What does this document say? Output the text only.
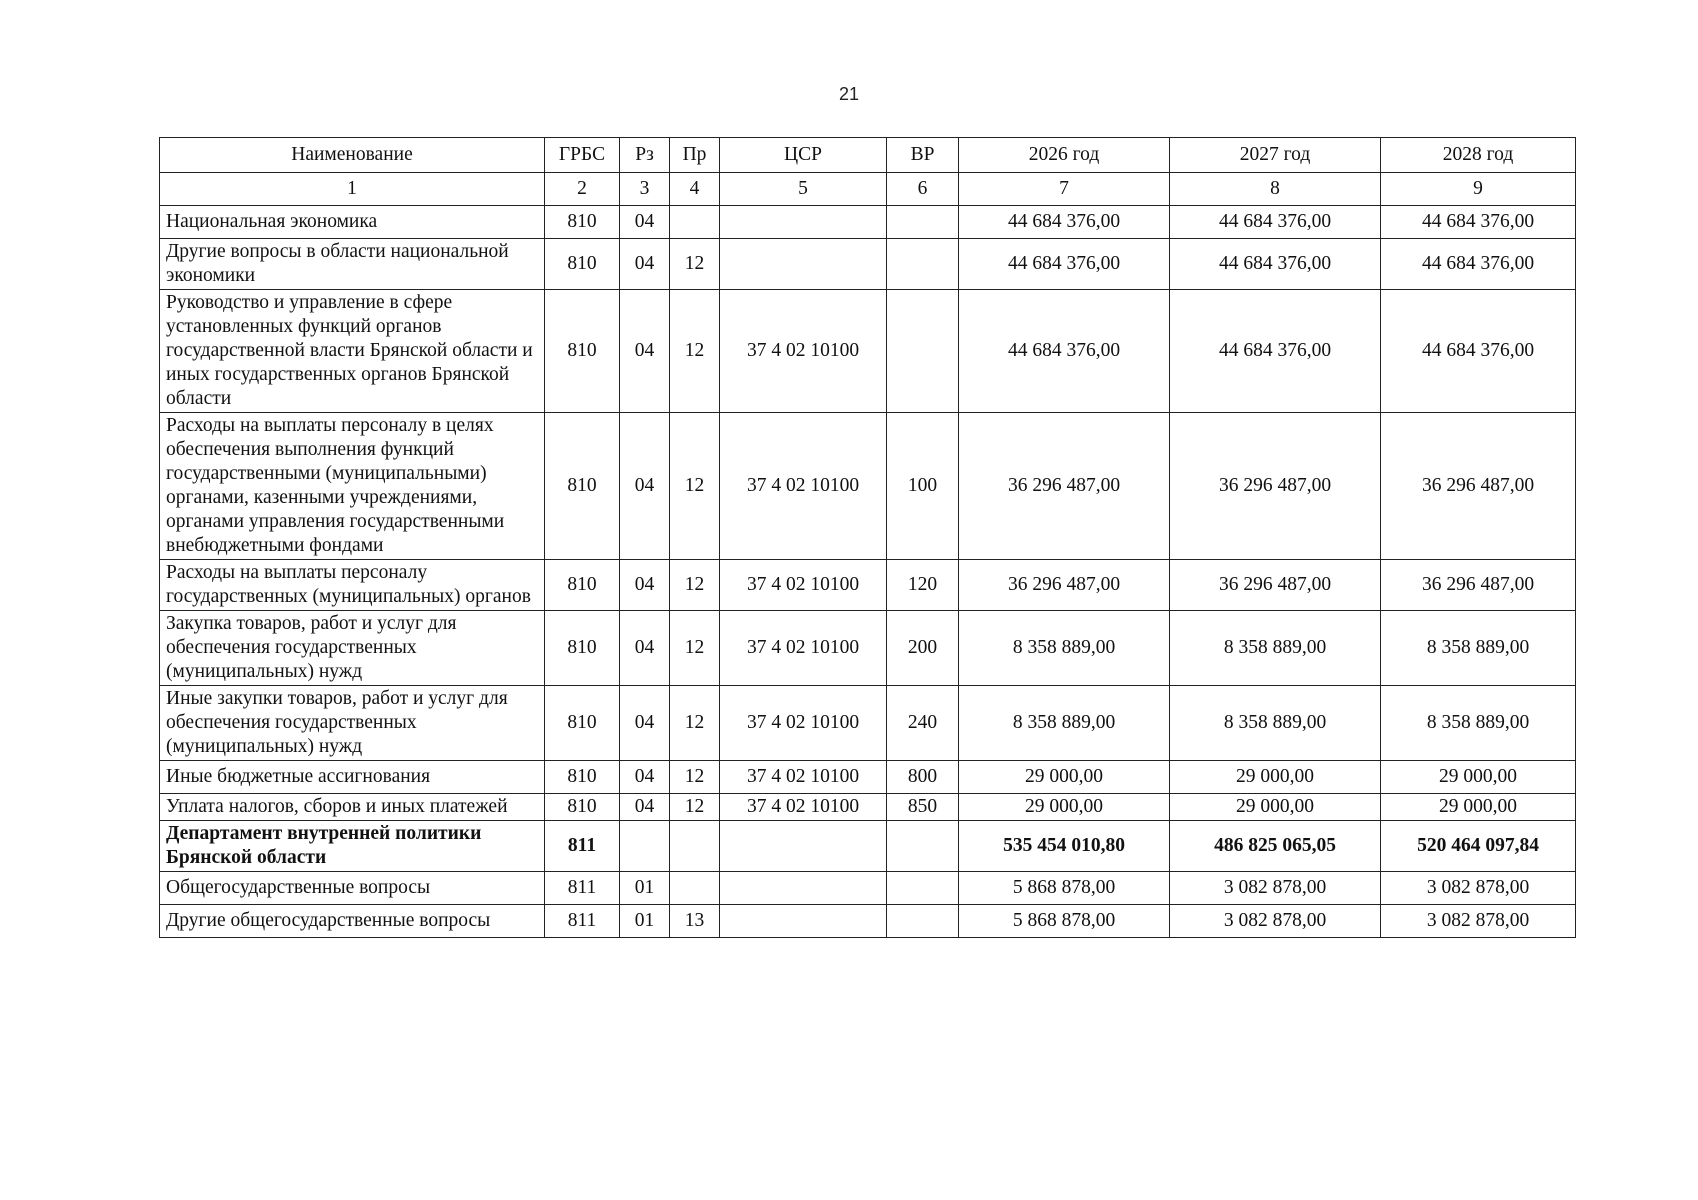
21
Наименование	ГРБС	Рз	Пр	ЦСР	ВР	2026 год	2027 год	2028 год
1	2	3	4	5	6	7	8	9
Национальная экономика	810	04				44 684 376,00	44 684 376,00	44 684 376,00
Другие вопросы в области национальной экономики	810	04	12			44 684 376,00	44 684 376,00	44 684 376,00
Руководство и управление в сфере установленных функций органов государственной власти Брянской области и иных государственных органов Брянской области	810	04	12	37 4 02 10100		44 684 376,00	44 684 376,00	44 684 376,00
Расходы на выплаты персоналу в целях обеспечения выполнения функций государственными (муниципальными) органами, казенными учреждениями, органами управления государственными внебюджетными фондами	810	04	12	37 4 02 10100	100	36 296 487,00	36 296 487,00	36 296 487,00
Расходы на выплаты персоналу государственных (муниципальных) органов	810	04	12	37 4 02 10100	120	36 296 487,00	36 296 487,00	36 296 487,00
Закупка товаров, работ и услуг для обеспечения государственных (муниципальных) нужд	810	04	12	37 4 02 10100	200	8 358 889,00	8 358 889,00	8 358 889,00
Иные закупки товаров, работ и услуг для обеспечения государственных (муниципальных) нужд	810	04	12	37 4 02 10100	240	8 358 889,00	8 358 889,00	8 358 889,00
Иные бюджетные ассигнования	810	04	12	37 4 02 10100	800	29 000,00	29 000,00	29 000,00
Уплата налогов, сборов и иных платежей	810	04	12	37 4 02 10100	850	29 000,00	29 000,00	29 000,00
Департамент внутренней политики Брянской области	811					535 454 010,80	486 825 065,05	520 464 097,84
Общегосударственные вопросы	811	01				5 868 878,00	3 082 878,00	3 082 878,00
Другие общегосударственные вопросы	811	01	13			5 868 878,00	3 082 878,00	3 082 878,00
